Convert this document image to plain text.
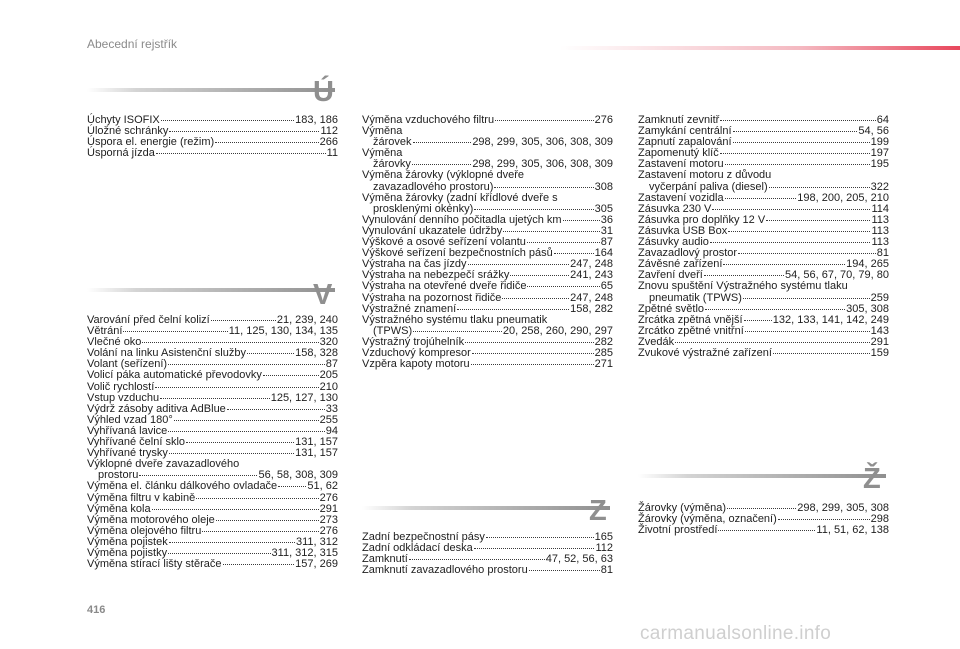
Abecední rejstřík
Ú
Úchyty ISOFIX	183, 186
Úložné schránky	112
Úspora el. energie (režim)	266
Úsporná jízda	11
V
Varování před čelní kolizí	21, 239, 240
Větrání	11, 125, 130, 134, 135
Vlečné oko	320
Volání na linku Asistenční služby	158, 328
Volant (seřízení)	87
Volicí páka automatické převodovky	205
Volič rychlostí	210
Vstup vzduchu	125, 127, 130
Výdrž zásoby aditiva AdBlue	33
Výhled vzad 180°	255
Vyhřívaná lavice	94
Vyhřívané čelní sklo	131, 157
Vyhřívané trysky	131, 157
Výklopné dveře zavazadlového
prostoru	56, 58, 308, 309
Výměna el. článku dálkového ovladače	51, 62
Výměna filtru v kabině	276
Výměna kola	291
Výměna motorového oleje	273
Výměna olejového filtru	276
Výměna pojistek	311, 312
Výměna pojistky	311, 312, 315
Výměna stírací lišty stěrače	157, 269
Výměna vzduchového filtru	276
Výměna
žárovek	298, 299, 305, 306, 308, 309
Výměna
žárovky	298, 299, 305, 306, 308, 309
Výměna žárovky (výklopné dveře
zavazadlového prostoru)	308
Výměna žárovky (zadní křídlové dveře s
prosklenými okénky)	305
Vynulování denního počitadla ujetých km	36
Vynulování ukazatele údržby	31
Výškové a osové seřízení volantu	87
Výškové seřízení bezpečnostních pásů	164
Výstraha na čas jízdy	247, 248
Výstraha na nebezpečí srážky	241, 243
Výstraha na otevřené dveře řidiče	65
Výstraha na pozornost řidiče	247, 248
Výstražné znamení	158, 282
Výstražného systému tlaku pneumatik
(TPWS)	20, 258, 260, 290, 297
Výstražný trojúhelník	282
Vzduchový kompresor	285
Vzpěra kapoty motoru	271
Z
Zadní bezpečnostní pásy	165
Zadní odkládací deska	112
Zamknutí	47, 52, 56, 63
Zamknutí zavazadlového prostoru	81
Zamknutí zevnitř	64
Zamykání centrální	54, 56
Zapnutí zapalování	199
Zapomenutý klíč	197
Zastavení motoru	195
Zastavení motoru z důvodu
vyčerpání paliva (diesel)	322
Zastavení vozidla	198, 200, 205, 210
Zásuvka 230 V	114
Zásuvka pro doplňky 12 V	113
Zásuvka USB Box	113
Zásuvky audio	113
Zavazadlový prostor	81
Závěsné zařízení	194, 265
Zavření dveří	54, 56, 67, 70, 79, 80
Znovu spuštění Výstražného systému tlaku
pneumatik (TPWS)	259
Zpětné světlo	305, 308
Zrcátka zpětná vnější	132, 133, 141, 142, 249
Zrcátko zpětné vnitřní	143
Zvedák	291
Zvukové výstražné zařízení	159
Ž
Žárovky (výměna)	298, 299, 305, 308
Žárovky (výměna, označení)	298
Životní prostředí	11, 51, 62, 138
416
carmanualsonline.info
